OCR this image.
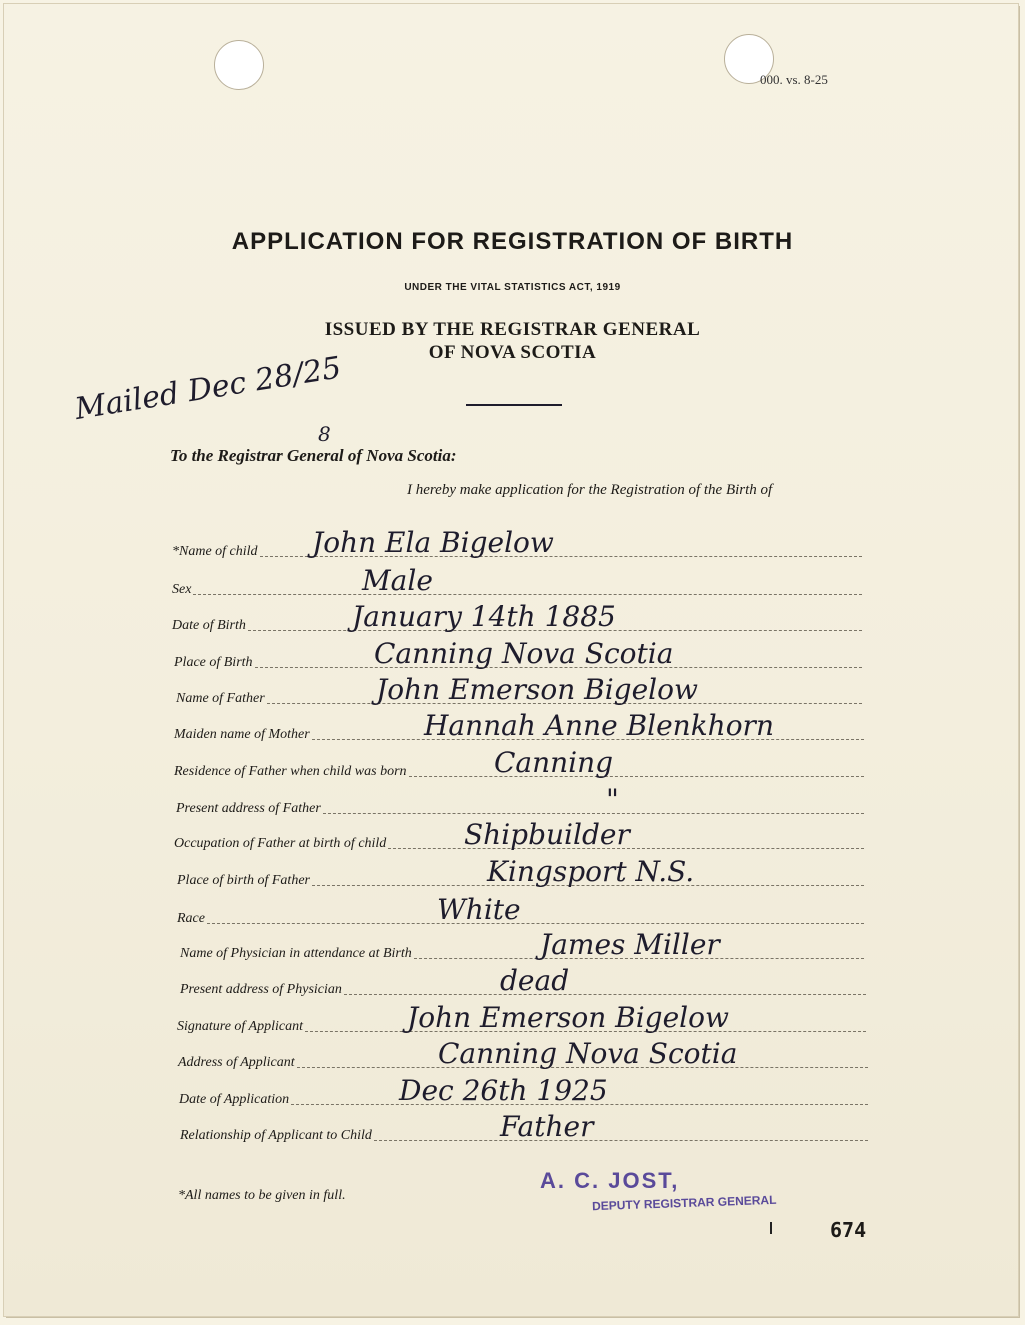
000. vs. 8-25
APPLICATION FOR REGISTRATION OF BIRTH
UNDER THE VITAL STATISTICS ACT, 1919
ISSUED BY THE REGISTRAR GENERAL
OF NOVA SCOTIA
Mailed Dec 28/25
8
To the Registrar General of Nova Scotia:
I hereby make application for the Registration of the Birth of
*Name of child John Ela Bigelow
Sex	Male
Date of Birth	January 14th 1885
Place of Birth	Canning Nova Scotia
Name of Father	John Emerson Bigelow
Maiden name of Mother	Hannah Anne Blenkhorn
Residence of Father when child was born	Canning
Present address of Father	"
Occupation of Father at birth of child	Shipbuilder
Place of birth of Father	Kingsport N.S.
Race	White
Name of Physician in attendance at Birth	James Miller
Present address of Physician	dead
Signature of Applicant	John Emerson Bigelow
Address of Applicant	Canning Nova Scotia
Date of Application	Dec 26th 1925
Relationship of Applicant to Child	Father
*All names to be given in full.
A. C. JOST,
DEPUTY REGISTRAR GENERAL
674
